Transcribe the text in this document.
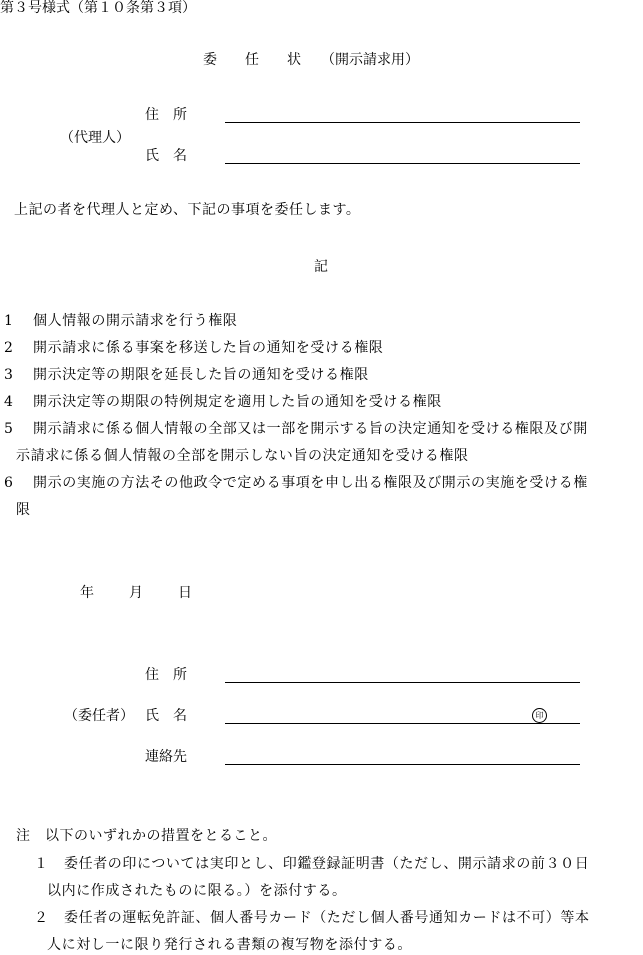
第３号様式（第１０条第３項）
委　　任　　状 （開示請求用）
（代理人）
住　所
氏　名
上記の者を代理人と定め、下記の事項を委任します。
記
1 個人情報の開示請求を行う権限
2 開示請求に係る事案を移送した旨の通知を受ける権限
3 開示決定等の期限を延長した旨の通知を受ける権限
4 開示決定等の期限の特例規定を適用した旨の通知を受ける権限
5 開示請求に係る個人情報の全部又は一部を開示する旨の決定通知を受ける権限及び開
示請求に係る個人情報の全部を開示しない旨の決定通知を受ける権限
6 開示の実施の方法その他政令で定める事項を申し出る権限及び開示の実施を受ける権
限
年	月	日
住　所
（委任者） 氏　名	印
連絡先
注　以下のいずれかの措置をとること。
１ 委任者の印については実印とし、印鑑登録証明書（ただし、開示請求の前３０日
以内に作成されたものに限る。）を添付する。
２ 委任者の運転免許証、個人番号カード（ただし個人番号通知カードは不可）等本
人に対し一に限り発行される書類の複写物を添付する。
